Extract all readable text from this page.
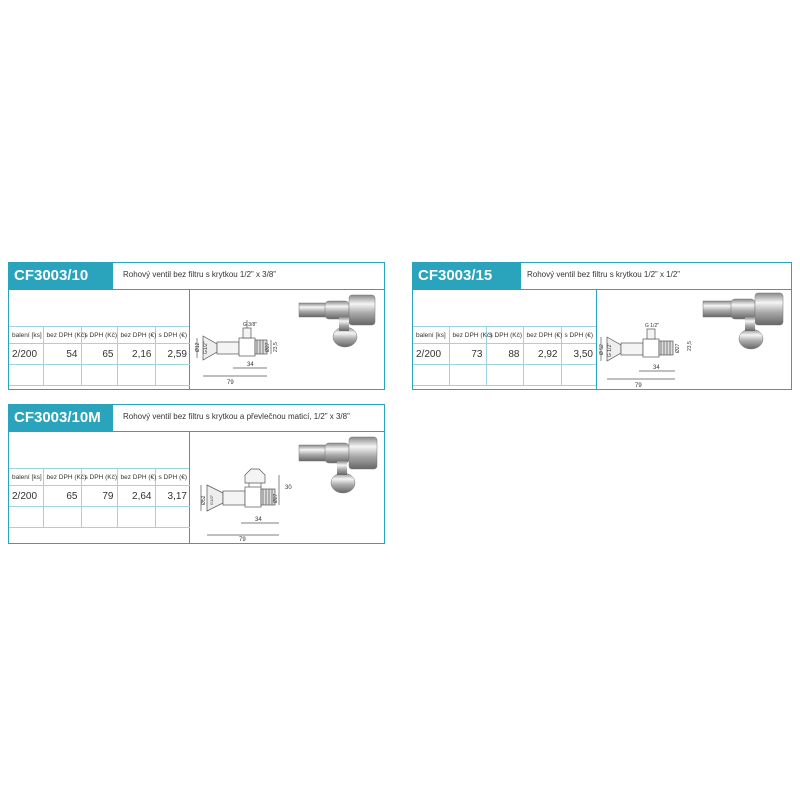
CF3003/10	Rohový ventil bez filtru s krytkou 1/2” x 3/8”
balení [ks]	bez DPH (Kč)	s DPH (Kč)	bez DPH (€)	s DPH (€)
2/200	54	65	2,16	2,59

G 3/8"
Ø12 G1/2"	Ø27 23,5
34
79
CF3003/15	Rohový ventil bez filtru s krytkou 1/2” x 1/2”
balení [ks]	bez DPH (Kč)	s DPH (Kč)	bez DPH (€)	s DPH (€)
2/200	73	88	2,92	3,50

G 1/2"
Ø 52 G 1/2"	Ø27 23,5
34
79
CF3003/10M	Rohový ventil bez filtru s krytkou a převlečnou maticí, 1/2” x 3/8”
balení [ks]	bez DPH (Kč)	s DPH (Kč)	bez DPH (€)	s DPH (€)
2/200	65	79	2,64	3,17
					Ø52 G1/2"	Ø27
30
34
79
